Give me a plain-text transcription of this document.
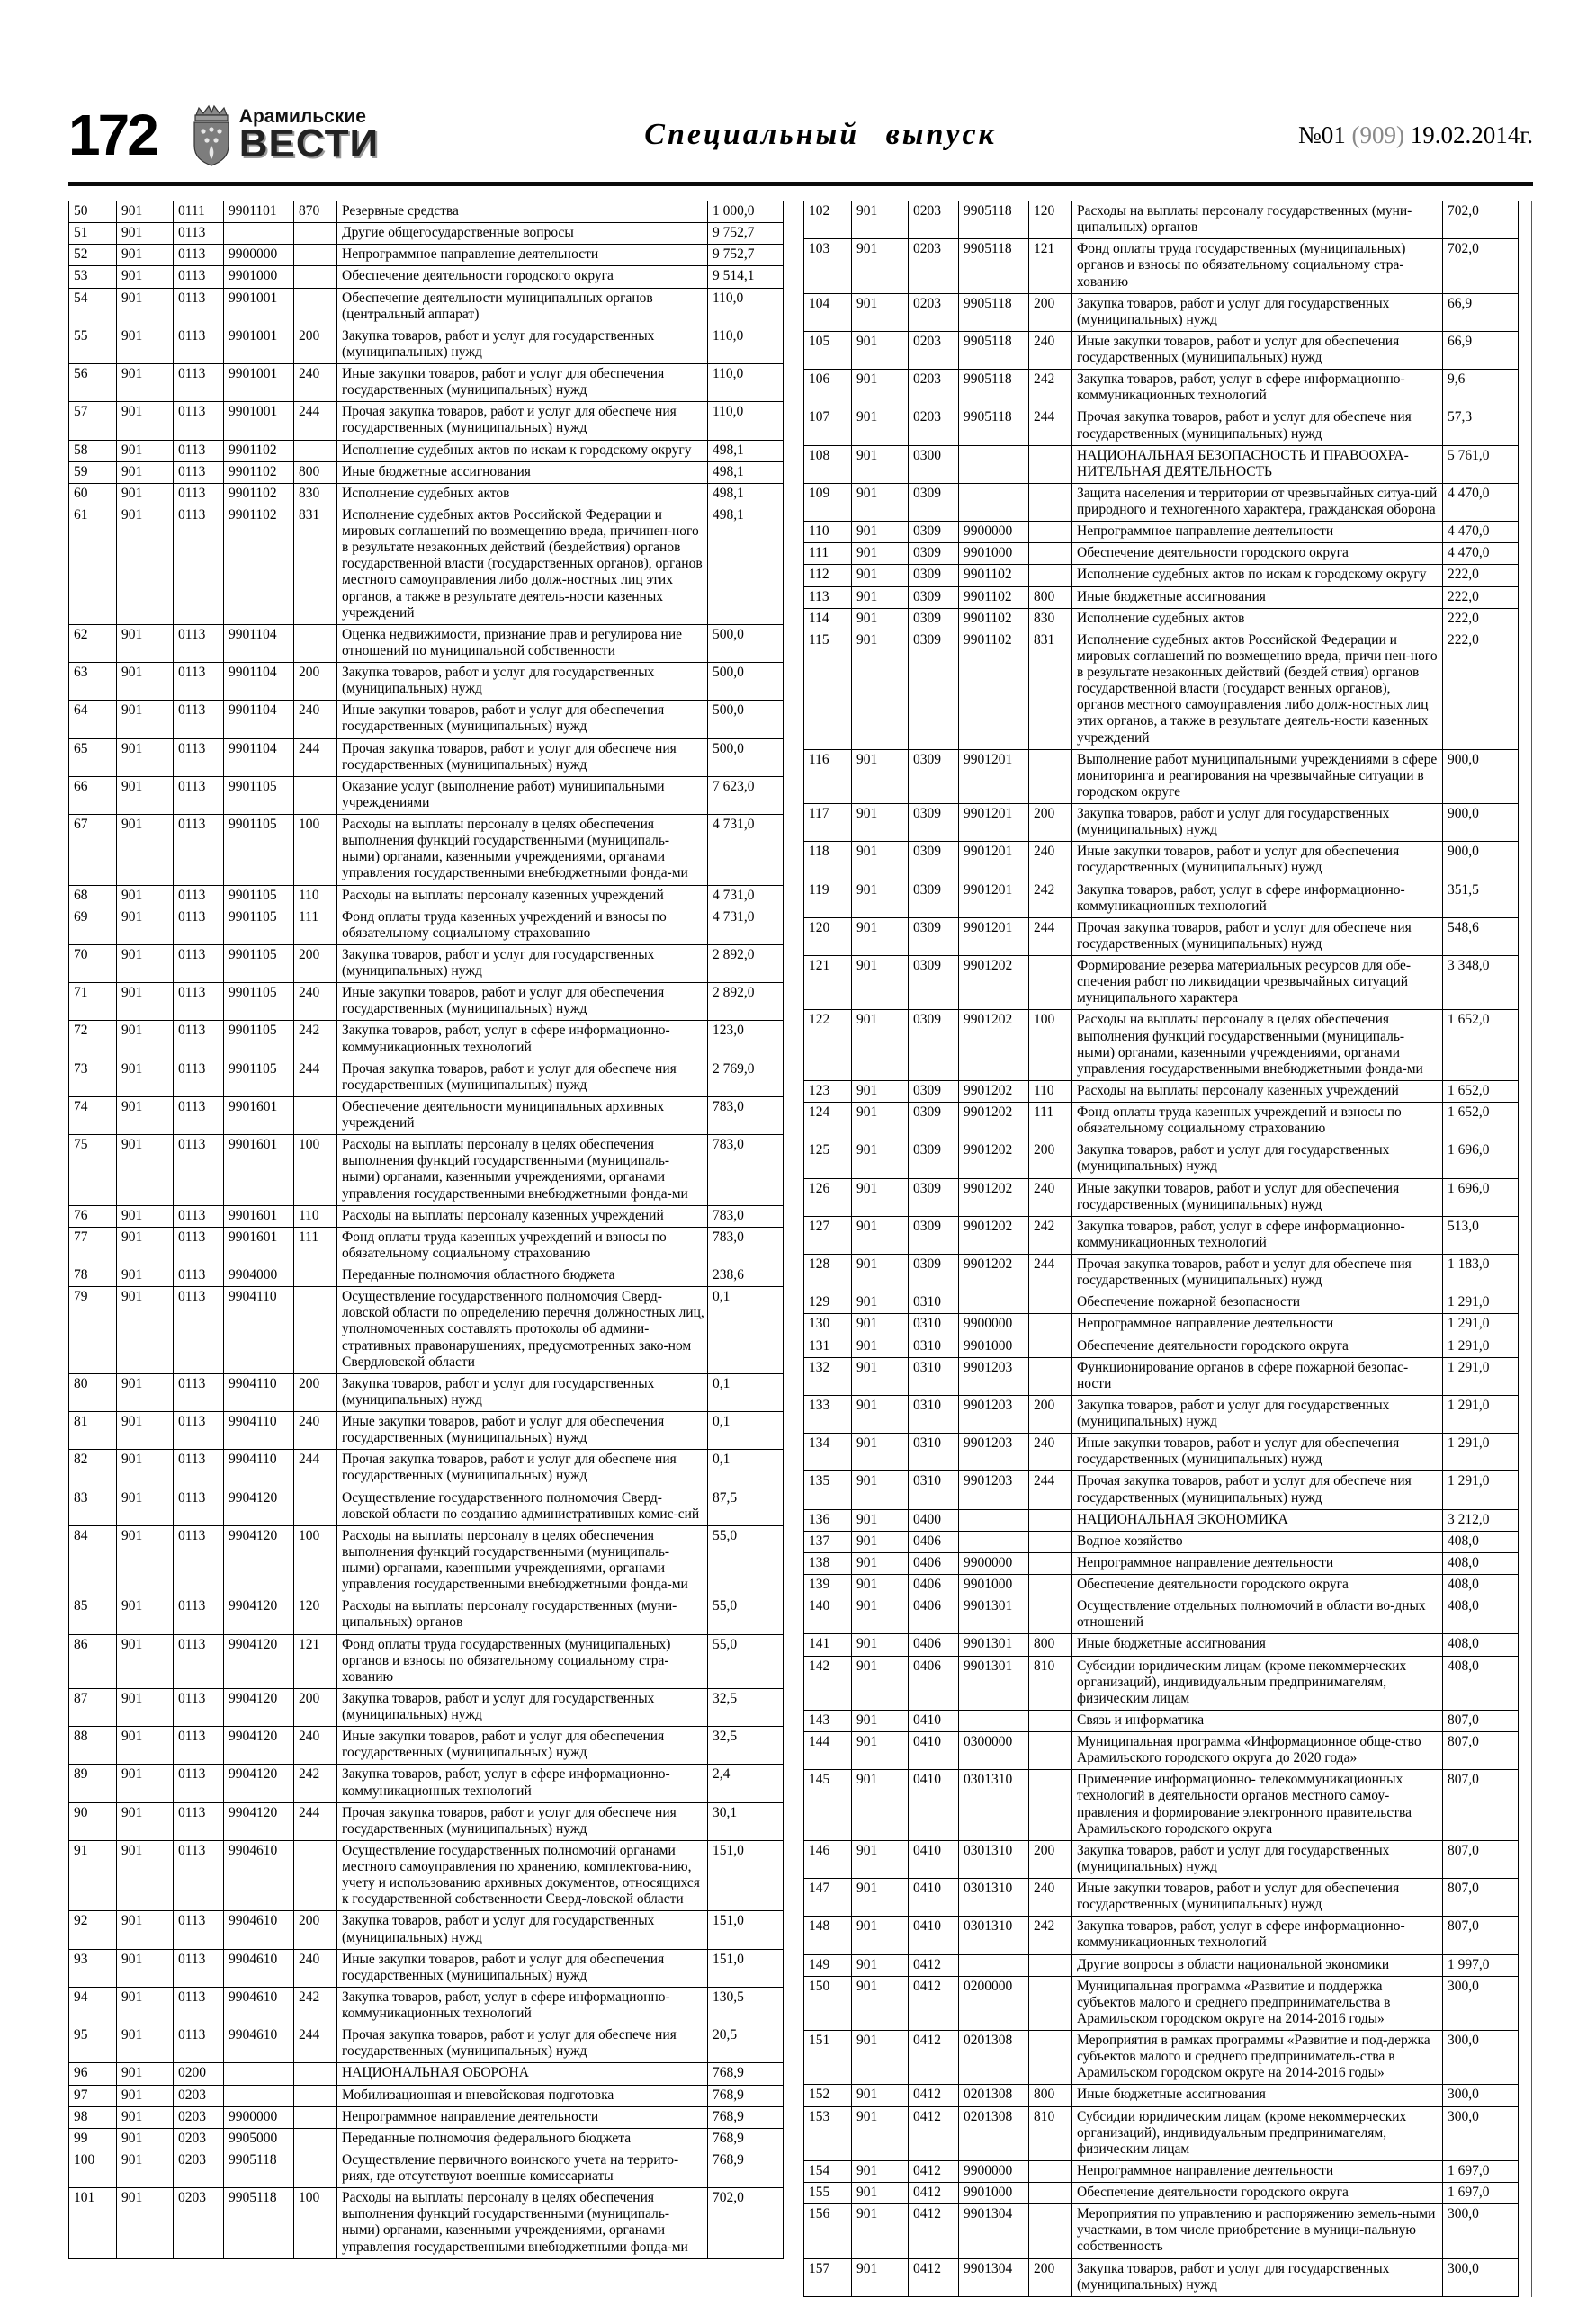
172	Арамильские
ВЕСТИ	Специальный выпуск	№01 (909) 19.02.2014г.
50	901	0111	9901101	870	Резервные средства	1 000,0
51	901	0113			Другие общегосударственные вопросы	9 752,7
52	901	0113	9900000		Непрограммное направление деятельности	9 752,7
53	901	0113	9901000		Обеспечение деятельности городского округа	9 514,1
54	901	0113	9901001		Обеспечение деятельности муниципальных органов (центральный аппарат)	110,0
55	901	0113	9901001	200	Закупка товаров, работ и услуг для государственных (муниципальных) нужд	110,0
56	901	0113	9901001	240	Иные закупки товаров, работ и услуг для обеспечения государственных (муниципальных) нужд	110,0
57	901	0113	9901001	244	Прочая закупка товаров, работ и услуг для обеспече ния государственных (муниципальных) нужд	110,0
58	901	0113	9901102		Исполнение судебных актов по искам к городскому округу	498,1
59	901	0113	9901102	800	Иные бюджетные ассигнования	498,1
60	901	0113	9901102	830	Исполнение судебных актов	498,1
61	901	0113	9901102	831	Исполнение судебных актов Российской Федерации и мировых соглашений по возмещению вреда, причинен-ного в результате незаконных действий (бездействия) органов государственной власти (государственных органов), органов местного самоуправления либо долж-ностных лиц этих органов, а также в результате деятель-ности казенных учреждений	498,1
62	901	0113	9901104		Оценка недвижимости, признание прав и регулирова ние отношений по муниципальной собственности	500,0
63	901	0113	9901104	200	Закупка товаров, работ и услуг для государственных (муниципальных) нужд	500,0
64	901	0113	9901104	240	Иные закупки товаров, работ и услуг для обеспечения государственных (муниципальных) нужд	500,0
65	901	0113	9901104	244	Прочая закупка товаров, работ и услуг для обеспече ния государственных (муниципальных) нужд	500,0
66	901	0113	9901105		Оказание услуг (выполнение работ) муниципальными учреждениями	7 623,0
67	901	0113	9901105	100	Расходы на выплаты персоналу в целях обеспечения выполнения функций государственными (муниципаль-ными) органами, казенными учреждениями, органами управления государственными внебюджетными фонда-ми	4 731,0
68	901	0113	9901105	110	Расходы на выплаты персоналу казенных учреждений	4 731,0
69	901	0113	9901105	111	Фонд оплаты труда казенных учреждений и взносы по обязательному социальному страхованию	4 731,0
70	901	0113	9901105	200	Закупка товаров, работ и услуг для государственных (муниципальных) нужд	2 892,0
71	901	0113	9901105	240	Иные закупки товаров, работ и услуг для обеспечения государственных (муниципальных) нужд	2 892,0
72	901	0113	9901105	242	Закупка товаров, работ, услуг в сфере информационно-коммуникационных технологий	123,0
73	901	0113	9901105	244	Прочая закупка товаров, работ и услуг для обеспече ния государственных (муниципальных) нужд	2 769,0
74	901	0113	9901601		Обеспечение деятельности муниципальных архивных учреждений	783,0
75	901	0113	9901601	100	Расходы на выплаты персоналу в целях обеспечения выполнения функций государственными (муниципаль-ными) органами, казенными учреждениями, органами управления государственными внебюджетными фонда-ми	783,0
76	901	0113	9901601	110	Расходы на выплаты персоналу казенных учреждений	783,0
77	901	0113	9901601	111	Фонд оплаты труда казенных учреждений и взносы по обязательному социальному страхованию	783,0
78	901	0113	9904000		Переданные полномочия областного бюджета	238,6
79	901	0113	9904110		Осуществление государственного полномочия Сверд-ловской области по определению перечня должностных лиц, уполномоченных составлять протоколы об админи-стративных правонарушениях, предусмотренных зако-ном Свердловской области	0,1
80	901	0113	9904110	200	Закупка товаров, работ и услуг для государственных (муниципальных) нужд	0,1
81	901	0113	9904110	240	Иные закупки товаров, работ и услуг для обеспечения государственных (муниципальных) нужд	0,1
82	901	0113	9904110	244	Прочая закупка товаров, работ и услуг для обеспече ния государственных (муниципальных) нужд	0,1
83	901	0113	9904120		Осуществление государственного полномочия Сверд-ловской области по созданию административных комис-сий	87,5
84	901	0113	9904120	100	Расходы на выплаты персоналу в целях обеспечения выполнения функций государственными (муниципаль-ными) органами, казенными учреждениями, органами управления государственными внебюджетными фонда-ми	55,0
85	901	0113	9904120	120	Расходы на выплаты персоналу государственных (муни-ципальных) органов	55,0
86	901	0113	9904120	121	Фонд оплаты труда государственных (муниципальных) органов и взносы по обязательному социальному стра-хованию	55,0
87	901	0113	9904120	200	Закупка товаров, работ и услуг для государственных (муниципальных) нужд	32,5
88	901	0113	9904120	240	Иные закупки товаров, работ и услуг для обеспечения государственных (муниципальных) нужд	32,5
89	901	0113	9904120	242	Закупка товаров, работ, услуг в сфере информационно-коммуникационных технологий	2,4
90	901	0113	9904120	244	Прочая закупка товаров, работ и услуг для обеспече ния государственных (муниципальных) нужд	30,1
91	901	0113	9904610		Осуществление государственных полномочий органами местного самоуправления по хранению, комплектова-нию, учету и использованию архивных документов, относящихся к государственной собственности Сверд-ловской области	151,0
92	901	0113	9904610	200	Закупка товаров, работ и услуг для государственных (муниципальных) нужд	151,0
93	901	0113	9904610	240	Иные закупки товаров, работ и услуг для обеспечения государственных (муниципальных) нужд	151,0
94	901	0113	9904610	242	Закупка товаров, работ, услуг в сфере информационно-коммуникационных технологий	130,5
95	901	0113	9904610	244	Прочая закупка товаров, работ и услуг для обеспече ния государственных (муниципальных) нужд	20,5
96	901	0200			НАЦИОНАЛЬНАЯ ОБОРОНА	768,9
97	901	0203			Мобилизационная и вневойсковая подготовка	768,9
98	901	0203	9900000		Непрограммное направление деятельности	768,9
99	901	0203	9905000		Переданные полномочия федерального бюджета	768,9
100	901	0203	9905118		Осуществление первичного воинского учета на террито-риях, где отсутствуют военные комиссариаты	768,9
101	901	0203	9905118	100	Расходы на выплаты персоналу в целях обеспечения выполнения функций государственными (муниципаль-ными) органами, казенными учреждениями, органами управления государственными внебюджетными фонда-ми	702,0
102	901	0203	9905118	120	Расходы на выплаты персоналу государственных (муни-ципальных) органов	702,0
103	901	0203	9905118	121	Фонд оплаты труда государственных (муниципальных) органов и взносы по обязательному социальному стра-хованию	702,0
104	901	0203	9905118	200	Закупка товаров, работ и услуг для государственных (муниципальных) нужд	66,9
105	901	0203	9905118	240	Иные закупки товаров, работ и услуг для обеспечения государственных (муниципальных) нужд	66,9
106	901	0203	9905118	242	Закупка товаров, работ, услуг в сфере информационно-коммуникационных технологий	9,6
107	901	0203	9905118	244	Прочая закупка товаров, работ и услуг для обеспече ния государственных (муниципальных) нужд	57,3
108	901	0300			НАЦИОНАЛЬНАЯ БЕЗОПАСНОСТЬ И ПРАВООХРА-НИТЕЛЬНАЯ ДЕЯТЕЛЬНОСТЬ	5 761,0
109	901	0309			Защита населения и территории от чрезвычайных ситуа-ций природного и техногенного характера, гражданская оборона	4 470,0
110	901	0309	9900000		Непрограммное направление деятельности	4 470,0
111	901	0309	9901000		Обеспечение деятельности городского округа	4 470,0
112	901	0309	9901102		Исполнение судебных актов по искам к городскому округу	222,0
113	901	0309	9901102	800	Иные бюджетные ассигнования	222,0
114	901	0309	9901102	830	Исполнение судебных актов	222,0
115	901	0309	9901102	831	Исполнение судебных актов Российской Федерации и мировых соглашений по возмещению вреда, причи нен-ного в результате незаконных действий (бездей ствия) органов государственной власти (государст венных органов), органов местного самоуправления либо долж-ностных лиц этих органов, а также в результате деятель-ности казенных учреждений	222,0
116	901	0309	9901201		Выполнение работ муниципальными учреждениями в сфере мониторинга и реагирования на чрезвычайные ситуации в городском округе	900,0
117	901	0309	9901201	200	Закупка товаров, работ и услуг для государственных (муниципальных) нужд	900,0
118	901	0309	9901201	240	Иные закупки товаров, работ и услуг для обеспечения государственных (муниципальных) нужд	900,0
119	901	0309	9901201	242	Закупка товаров, работ, услуг в сфере информационно-коммуникационных технологий	351,5
120	901	0309	9901201	244	Прочая закупка товаров, работ и услуг для обеспече ния государственных (муниципальных) нужд	548,6
121	901	0309	9901202		Формирование резерва материальных ресурсов для обе-спечения работ по ликвидации чрезвычайных ситуаций муниципального характера	3 348,0
122	901	0309	9901202	100	Расходы на выплаты персоналу в целях обеспечения выполнения функций государственными (муниципаль-ными) органами, казенными учреждениями, органами управления государственными внебюджетными фонда-ми	1 652,0
123	901	0309	9901202	110	Расходы на выплаты персоналу казенных учреждений	1 652,0
124	901	0309	9901202	111	Фонд оплаты труда казенных учреждений и взносы по обязательному социальному страхованию	1 652,0
125	901	0309	9901202	200	Закупка товаров, работ и услуг для государственных (муниципальных) нужд	1 696,0
126	901	0309	9901202	240	Иные закупки товаров, работ и услуг для обеспечения государственных (муниципальных) нужд	1 696,0
127	901	0309	9901202	242	Закупка товаров, работ, услуг в сфере информационно-коммуникационных технологий	513,0
128	901	0309	9901202	244	Прочая закупка товаров, работ и услуг для обеспече ния государственных (муниципальных) нужд	1 183,0
129	901	0310			Обеспечение пожарной безопасности	1 291,0
130	901	0310	9900000		Непрограммное направление деятельности	1 291,0
131	901	0310	9901000		Обеспечение деятельности городского округа	1 291,0
132	901	0310	9901203		Функционирование органов в сфере пожарной безопас-ности	1 291,0
133	901	0310	9901203	200	Закупка товаров, работ и услуг для государственных (муниципальных) нужд	1 291,0
134	901	0310	9901203	240	Иные закупки товаров, работ и услуг для обеспечения государственных (муниципальных) нужд	1 291,0
135	901	0310	9901203	244	Прочая закупка товаров, работ и услуг для обеспече ния государственных (муниципальных) нужд	1 291,0
136	901	0400			НАЦИОНАЛЬНАЯ ЭКОНОМИКА	3 212,0
137	901	0406			Водное хозяйство	408,0
138	901	0406	9900000		Непрограммное направление деятельности	408,0
139	901	0406	9901000		Обеспечение деятельности городского округа	408,0
140	901	0406	9901301		Осуществление отдельных полномочий в области во-дных отношений	408,0
141	901	0406	9901301	800	Иные бюджетные ассигнования	408,0
142	901	0406	9901301	810	Субсидии юридическим лицам (кроме некоммерческих организаций), индивидуальным предпринимателям, физическим лицам	408,0
143	901	0410			Связь и информатика	807,0
144	901	0410	0300000		Муниципальная программа «Информационное обще-ство Арамильского городского округа до 2020 года»	807,0
145	901	0410	0301310		Применение информационно- телекоммуникационных технологий в деятельности органов местного самоу-правления и формирование электронного правительства Арамильского городского округа	807,0
146	901	0410	0301310	200	Закупка товаров, работ и услуг для государственных (муниципальных) нужд	807,0
147	901	0410	0301310	240	Иные закупки товаров, работ и услуг для обеспечения государственных (муниципальных) нужд	807,0
148	901	0410	0301310	242	Закупка товаров, работ, услуг в сфере информационно-коммуникационных технологий	807,0
149	901	0412			Другие вопросы в области национальной экономики	1 997,0
150	901	0412	0200000		Муниципальная программа «Развитие и поддержка субъектов малого и среднего предпринимательства в Арамильском городском округе на 2014-2016 годы»	300,0
151	901	0412	0201308		Мероприятия в рамках программы «Развитие и под-держка субъектов малого и среднего предприниматель-ства в Арамильском городском округе на 2014-2016 годы»	300,0
152	901	0412	0201308	800	Иные бюджетные ассигнования	300,0
153	901	0412	0201308	810	Субсидии юридическим лицам (кроме некоммерческих организаций), индивидуальным предпринимателям, физическим лицам	300,0
154	901	0412	9900000		Непрограммное направление деятельности	1 697,0
155	901	0412	9901000		Обеспечение деятельности городского округа	1 697,0
156	901	0412	9901304		Мероприятия по управлению и распоряжению земель-ными участками, в том числе приобретение в муници-пальную собственность	300,0
157	901	0412	9901304	200	Закупка товаров, работ и услуг для государственных (муниципальных) нужд	300,0
